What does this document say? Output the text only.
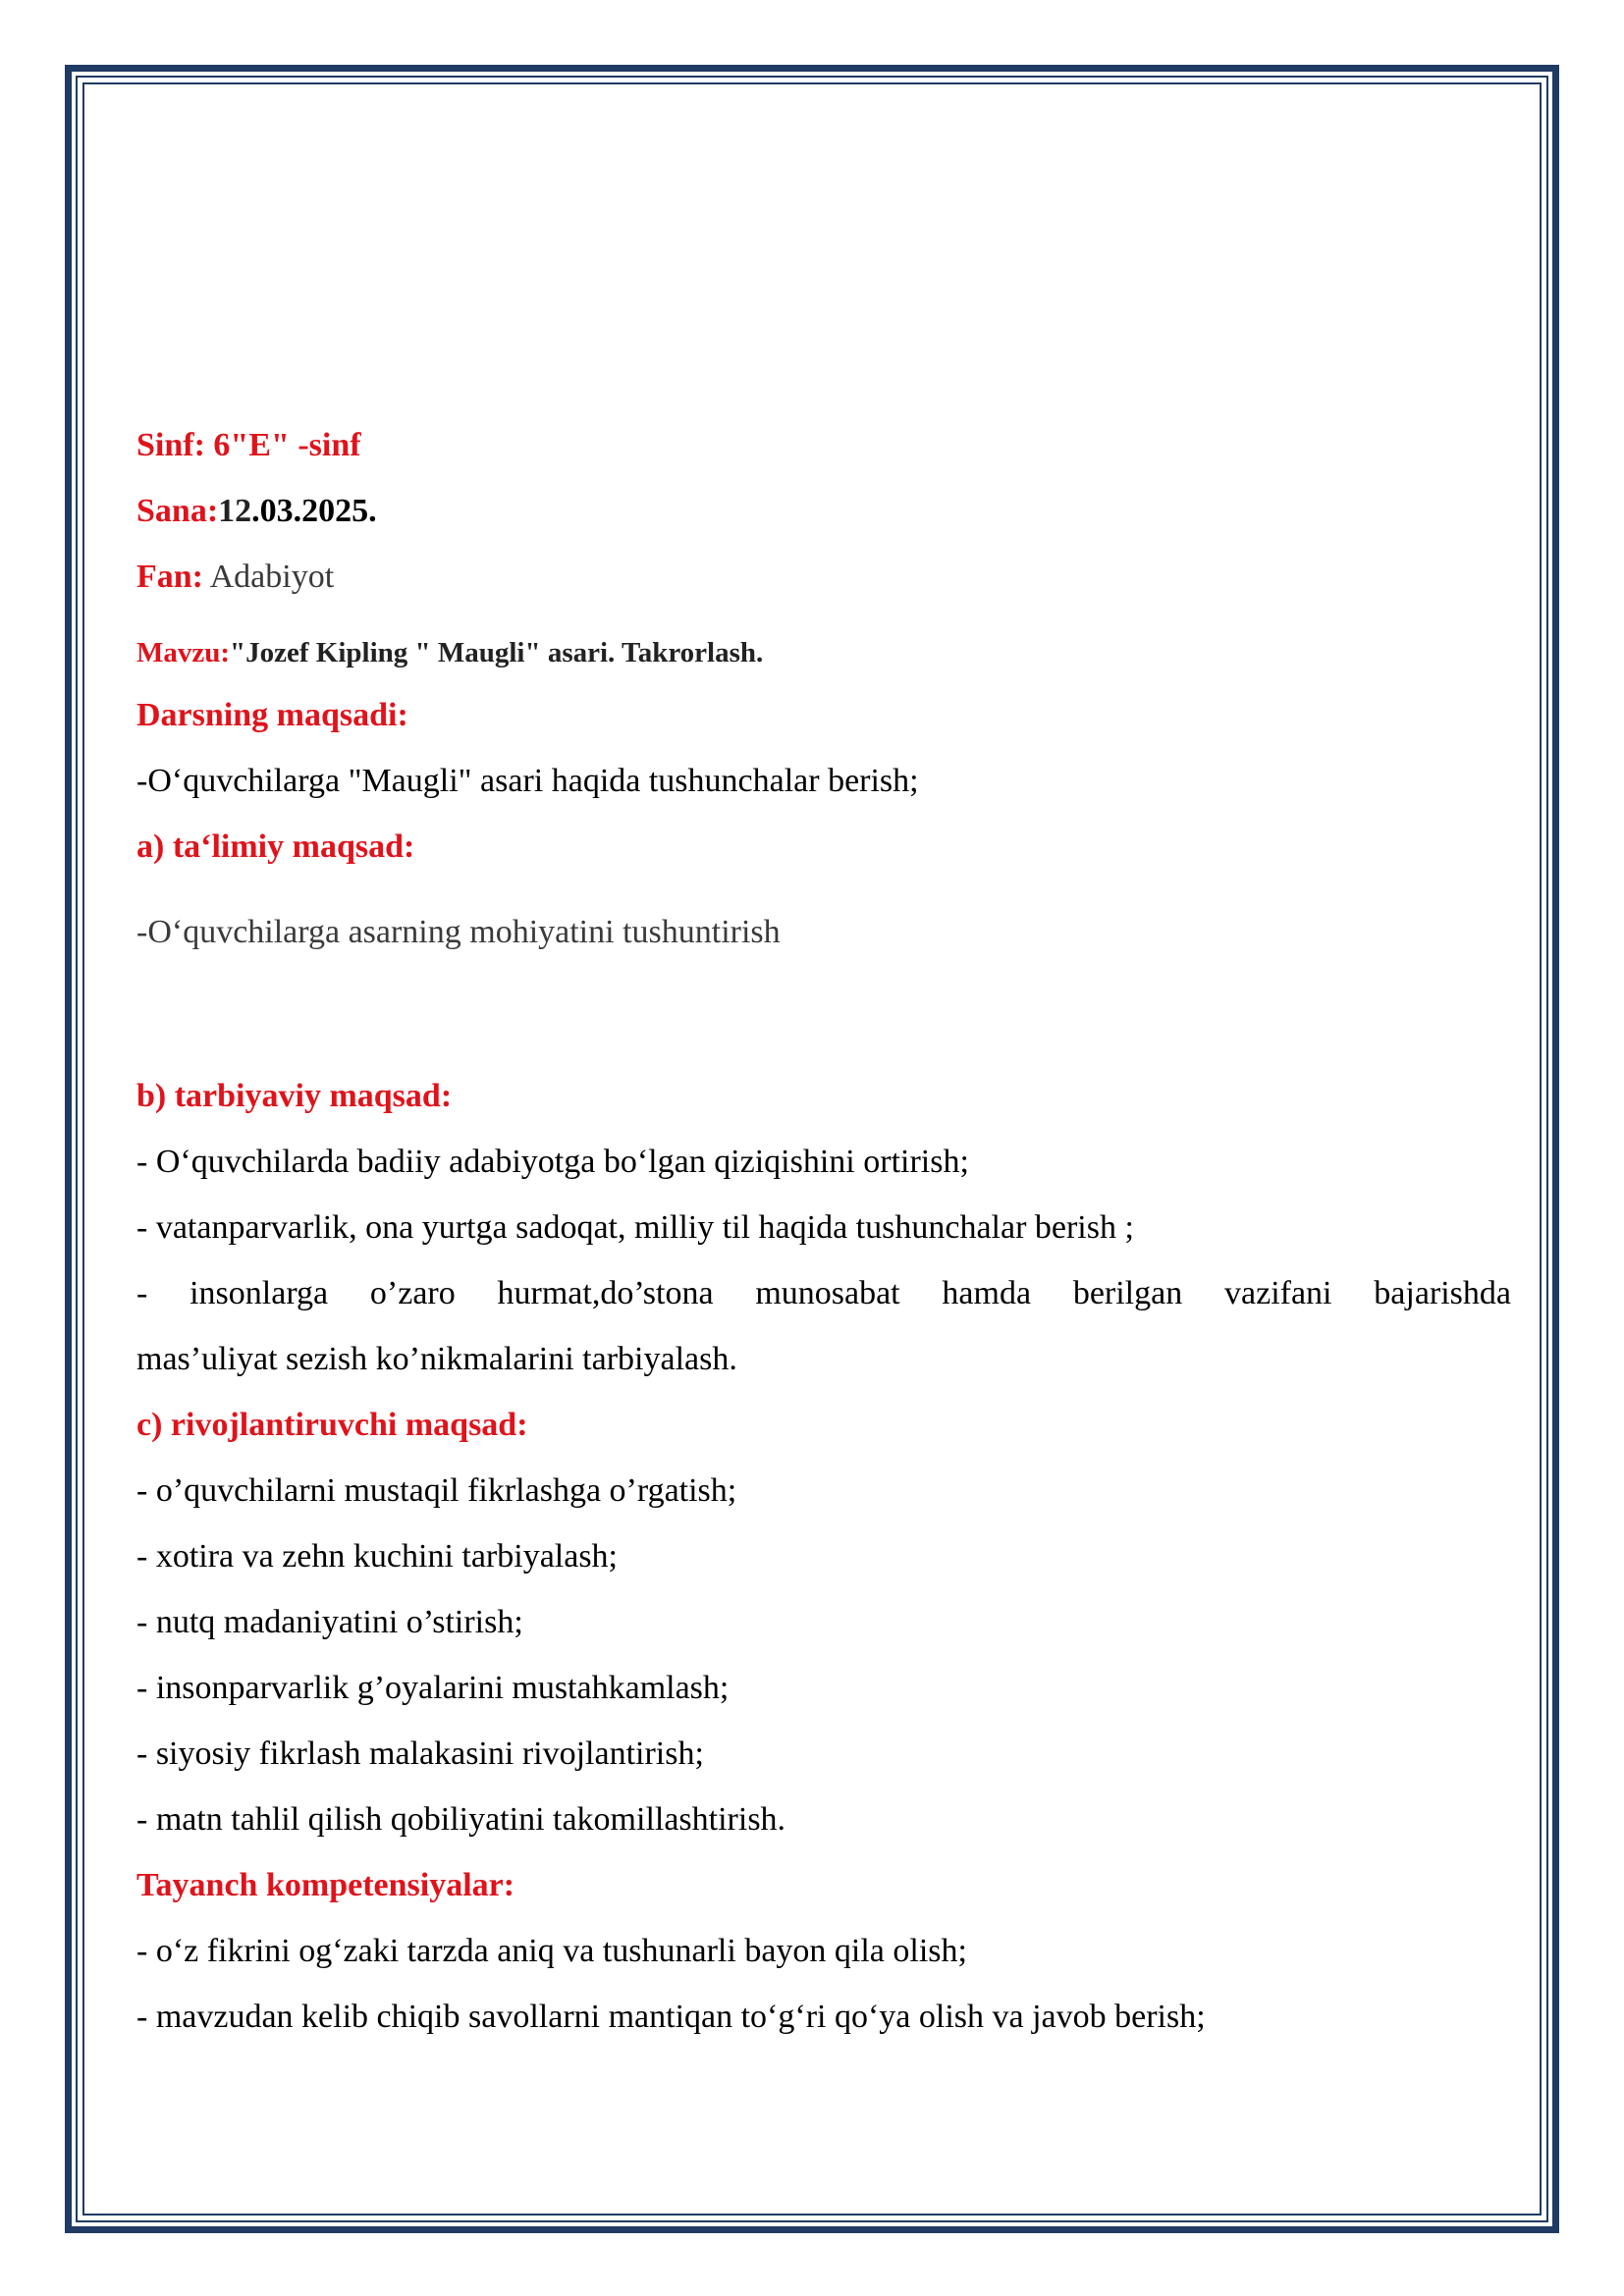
Sinf: 6"E" -sinf

Sana:12.03.2025.

Fan: Adabiyot

Mavzu:"Jozef Kipling " Maugli" asari. Takrorlash.

Darsning maqsadi:

-O‘quvchilarga "Maugli" asari haqida tushunchalar berish;

a) ta‘limiy maqsad:

-O‘quvchilarga asarning mohiyatini tushuntirish

b) tarbiyaviy maqsad:

- O‘quvchilarda badiiy adabiyotga bo‘lgan qiziqishini ortirish;

- vatanparvarlik, ona yurtga sadoqat, milliy til haqida tushunchalar berish ;

- insonlarga o’zaro hurmat,do’stona munosabat hamda berilgan vazifani bajarishda

mas’uliyat sezish ko’nikmalarini tarbiyalash.

c) rivojlantiruvchi maqsad:

- o’quvchilarni mustaqil fikrlashga o’rgatish;

- xotira va zehn kuchini tarbiyalash;

- nutq madaniyatini o’stirish;

- insonparvarlik g’oyalarini mustahkamlash;

- siyosiy fikrlash malakasini rivojlantirish;

- matn tahlil qilish qobiliyatini takomillashtirish.

Tayanch kompetensiyalar:

- o‘z fikrini og‘zaki tarzda aniq va tushunarli bayon qila olish;

- mavzudan kelib chiqib savollarni mantiqan to‘g‘ri qo‘ya olish va javob berish;
